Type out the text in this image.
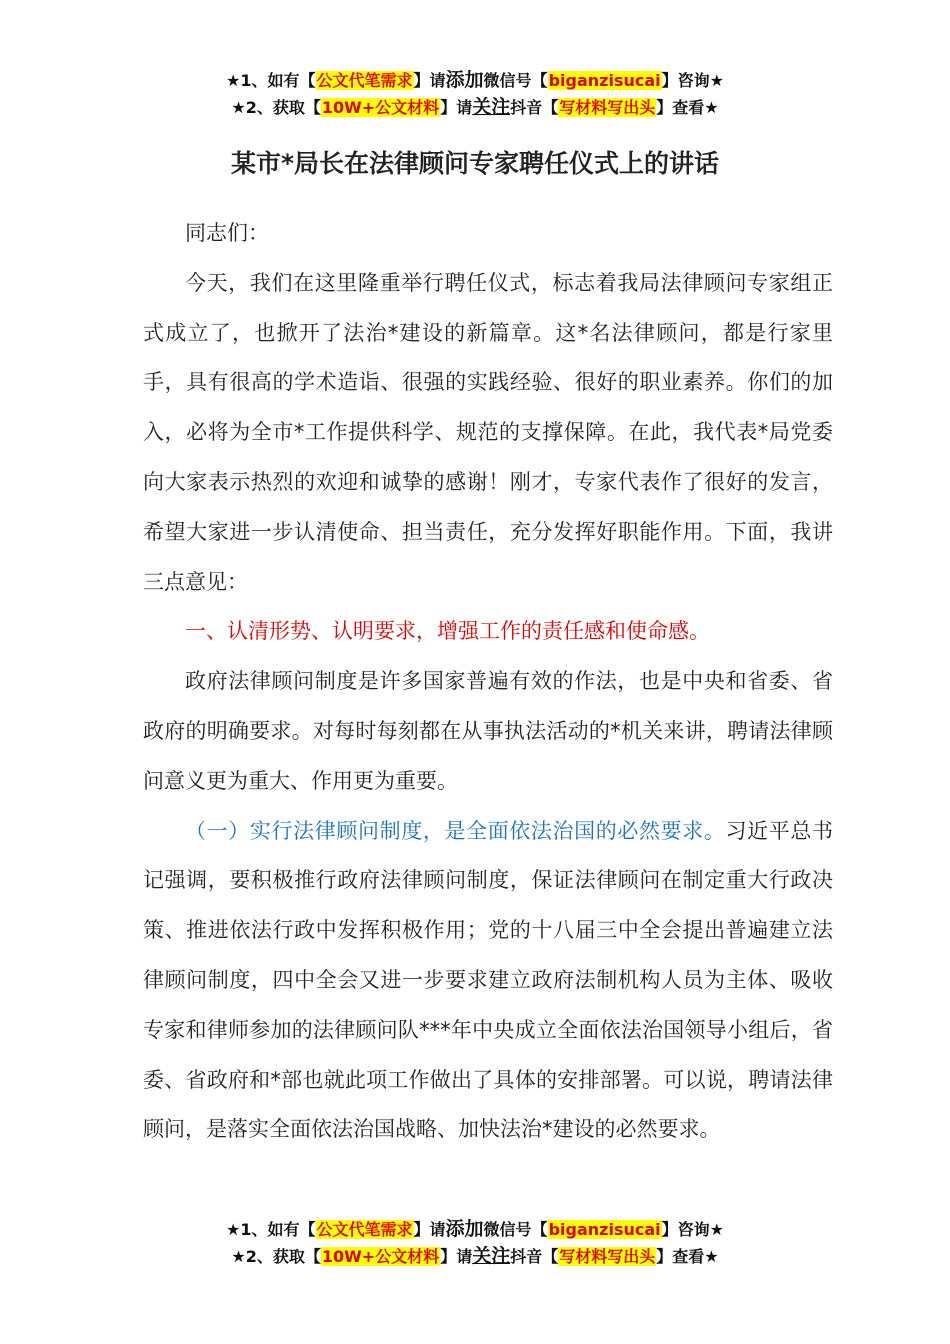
★1、如有【公文代笔需求】请添加微信号【biganzisucai】咨询★
★2、获取【10W+公文材料】请关注抖音【写材料写出头】查看★
某市*局长在法律顾问专家聘任仪式上的讲话

同志们：

今天，我们在这里隆重举行聘任仪式，标志着我局法律顾问专家组正式成立了，也掀开了法治*建设的新篇章。这*名法律顾问，都是行家里手，具有很高的学术造诣、很强的实践经验、很好的职业素养。你们的加入，必将为全市*工作提供科学、规范的支撑保障。在此，我代表*局党委向大家表示热烈的欢迎和诚挚的感谢！刚才，专家代表作了很好的发言，希望大家进一步认清使命、担当责任，充分发挥好职能作用。下面，我讲三点意见：

一、认清形势、认明要求，增强工作的责任感和使命感。

政府法律顾问制度是许多国家普遍有效的作法，也是中央和省委、省政府的明确要求。对每时每刻都在从事执法活动的*机关来讲，聘请法律顾问意义更为重大、作用更为重要。

（一）实行法律顾问制度，是全面依法治国的必然要求。习近平总书记强调，要积极推行政府法律顾问制度，保证法律顾问在制定重大行政决策、推进依法行政中发挥积极作用；党的十八届三中全会提出普遍建立法律顾问制度，四中全会又进一步要求建立政府法制机构人员为主体、吸收专家和律师参加的法律顾问队***年中央成立全面依法治国领导小组后，省委、省政府和*部也就此项工作做出了具体的安排部署。可以说，聘请法律顾问，是落实全面依法治国战略、加快法治*建设的必然要求。

★1、如有【公文代笔需求】请添加微信号【biganzisucai】咨询★
★2、获取【10W+公文材料】请关注抖音【写材料写出头】查看★
